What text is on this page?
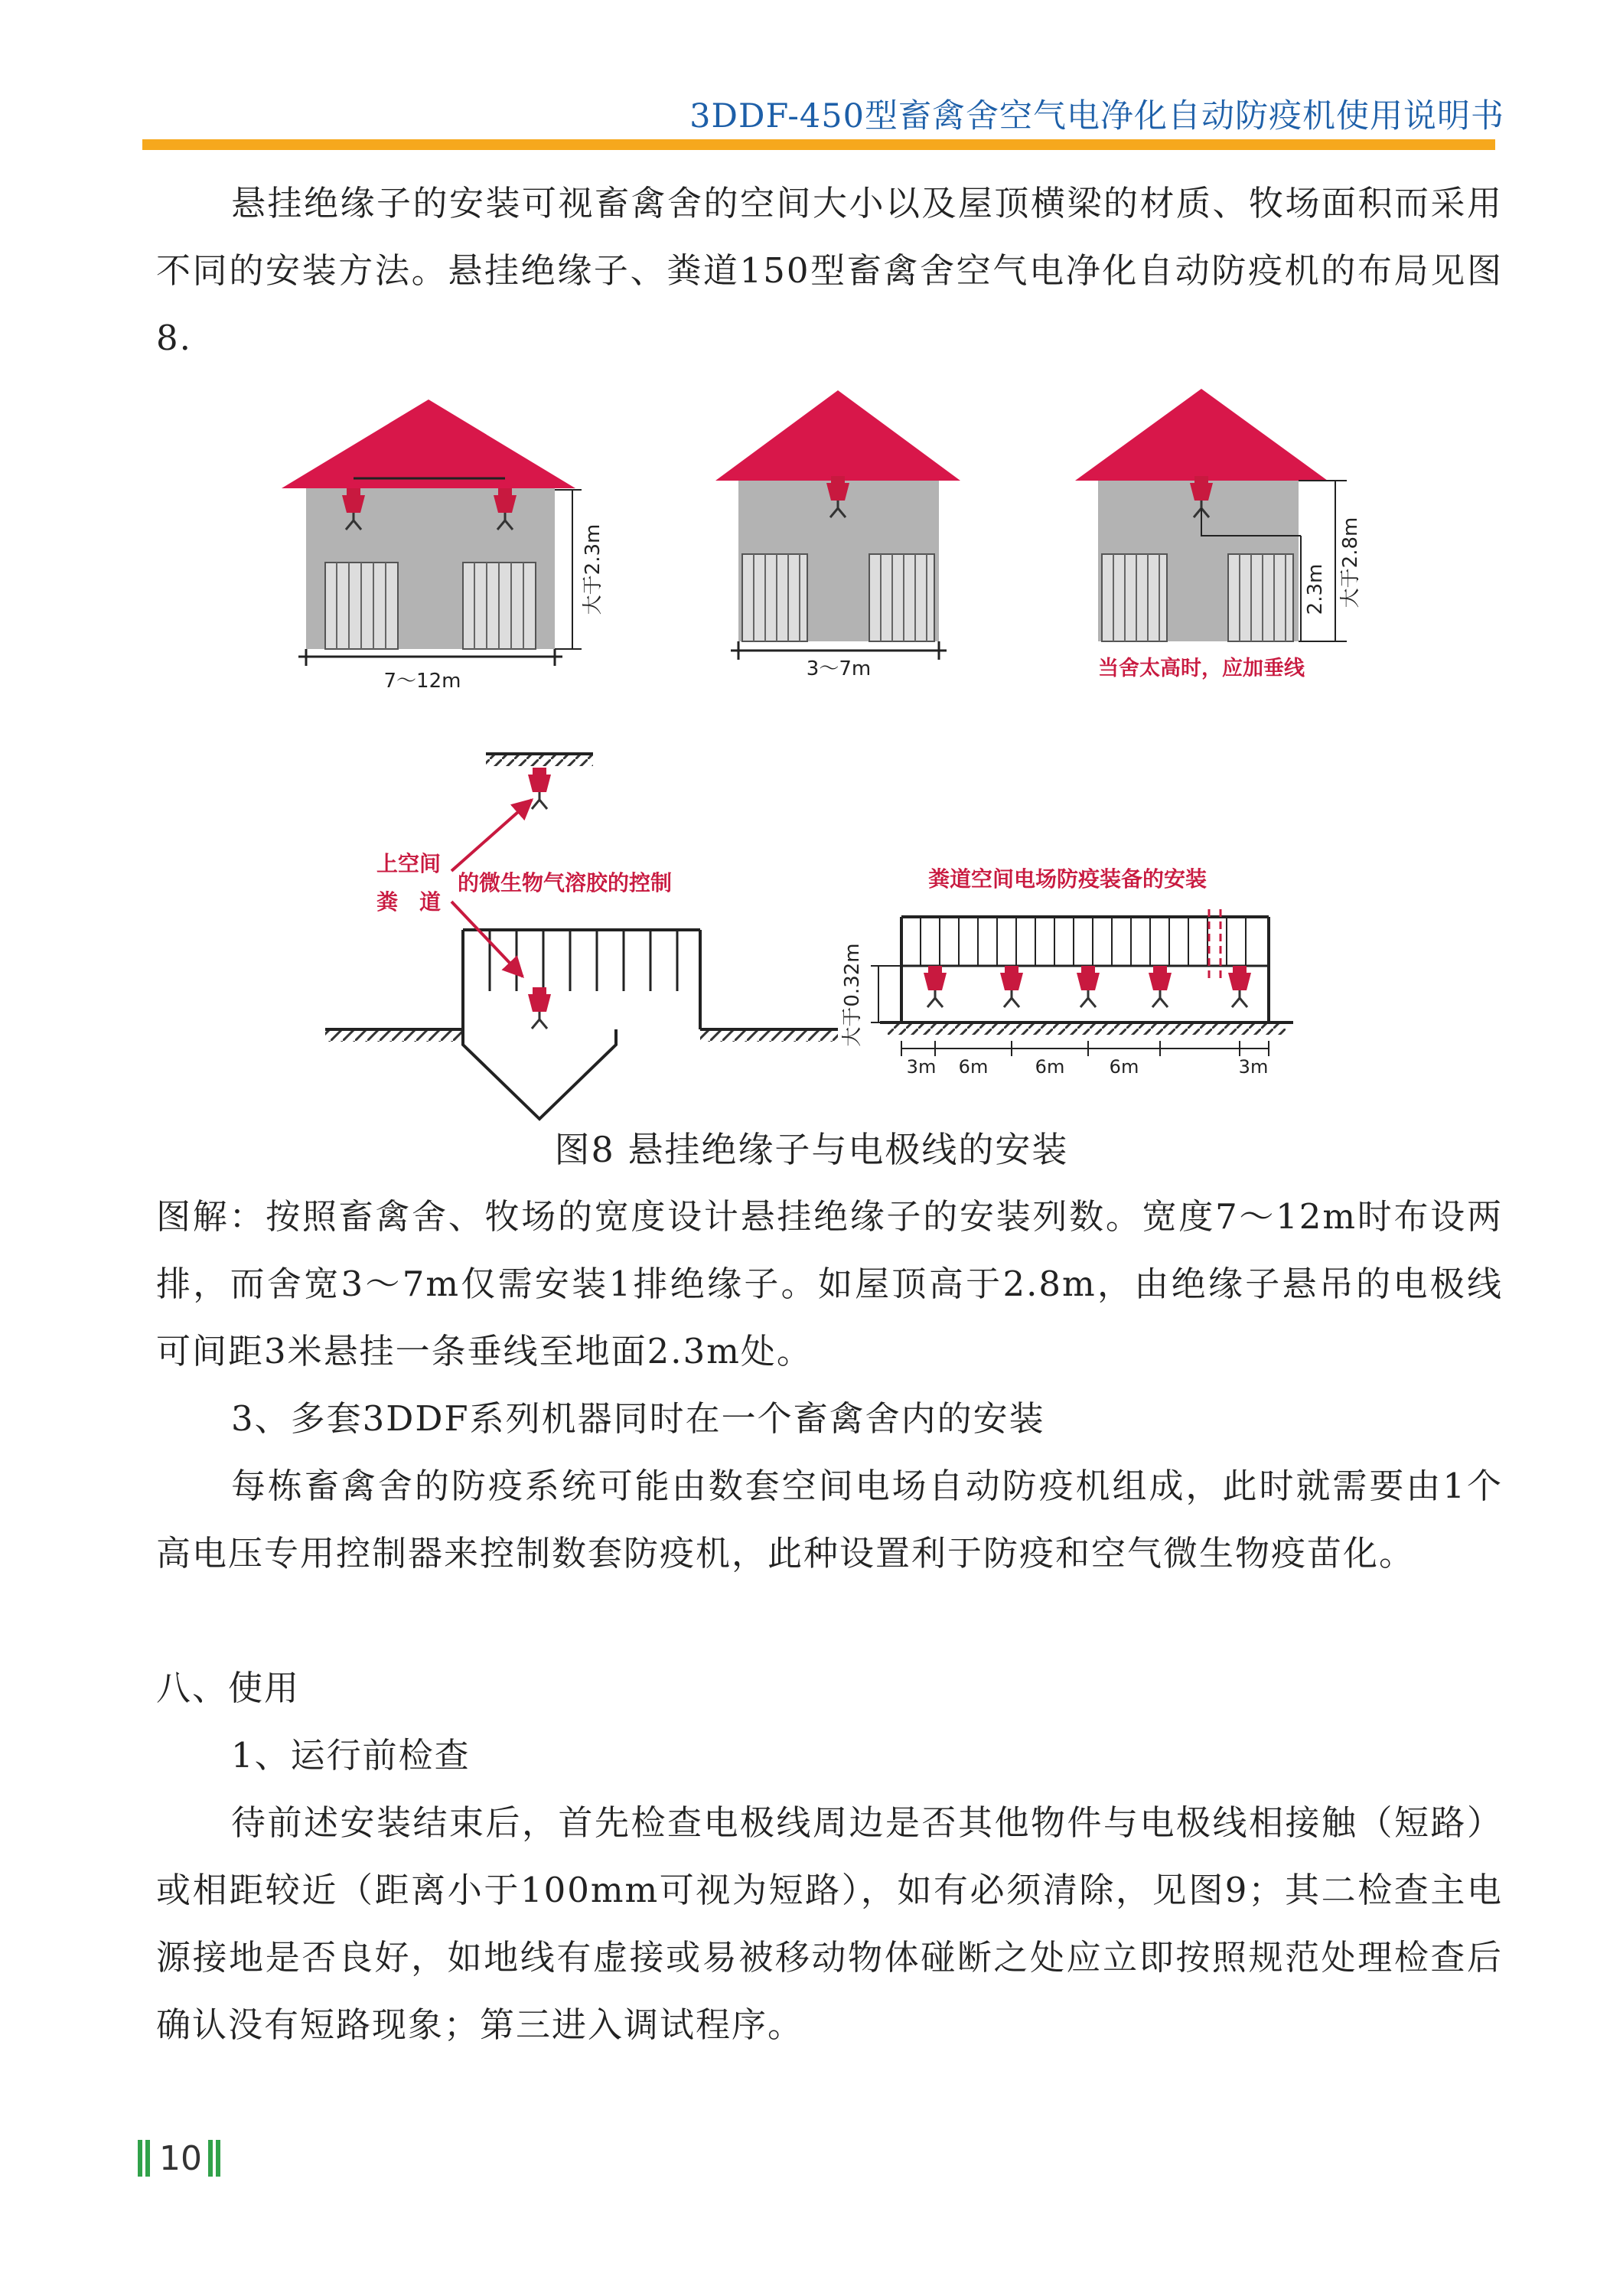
3DDF-450型畜禽舍空气电净化自动防疫机使用说明书

悬挂绝缘子的安装可视畜禽舍的空间大小以及屋顶横梁的材质、牧场面积而采用不同的安装方法。悬挂绝缘子、粪道150型畜禽舍空气电净化自动防疫机的布局见图8.

7～12m
大于2.3m
3～7m
大于2.8m
2.3m
当舍太高时，应加垂线
上空间
粪　道
的微生物气溶胶的控制	粪道空间电场防疫装备的安装
大于0.32m
3m 6m	6m 6m	3m
图8 悬挂绝缘子与电极线的安装

图解：按照畜禽舍、牧场的宽度设计悬挂绝缘子的安装列数。宽度7～12m时布设两排，而舍宽3～7m仅需安装1排绝缘子。如屋顶高于2.8m，由绝缘子悬吊的电极线可间距3米悬挂一条垂线至地面2.3m处。

3、多套3DDF系列机器同时在一个畜禽舍内的安装

每栋畜禽舍的防疫系统可能由数套空间电场自动防疫机组成，此时就需要由1个高电压专用控制器来控制数套防疫机，此种设置利于防疫和空气微生物疫苗化。

八、使用

1、运行前检查

待前述安装结束后，首先检查电极线周边是否其他物件与电极线相接触（短路）或相距较近（距离小于100mm可视为短路），如有必须清除，见图9；其二检查主电源接地是否良好，如地线有虚接或易被移动物体碰断之处应立即按照规范处理检查后确认没有短路现象；第三进入调试程序。

10
